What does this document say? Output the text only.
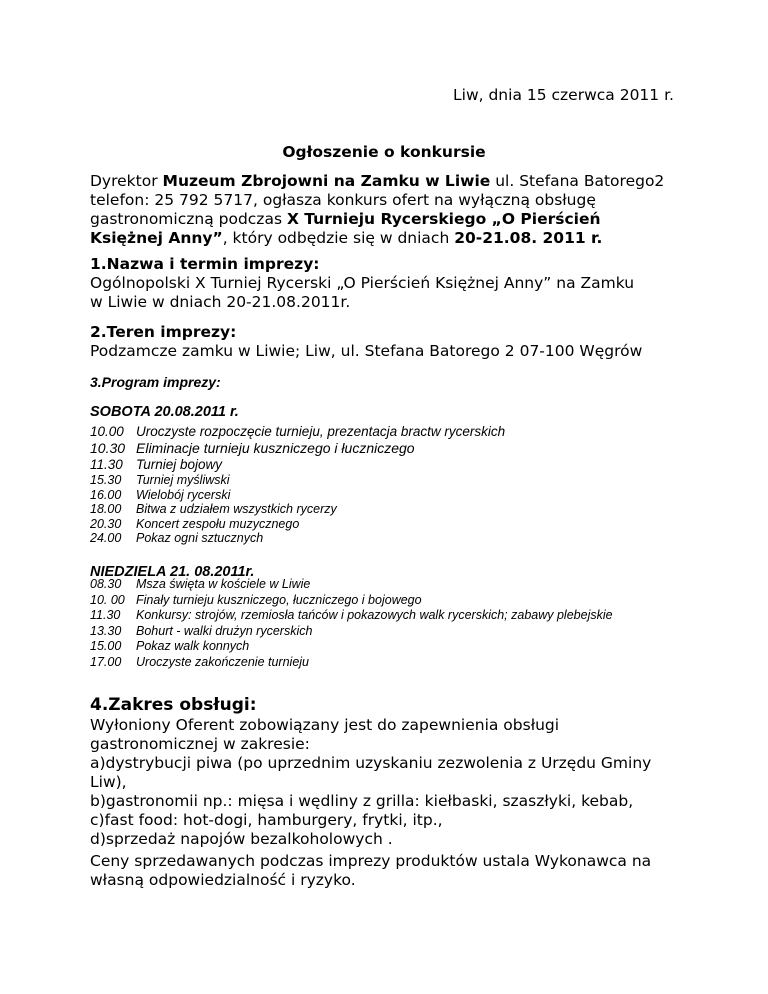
Liw, dnia 15 czerwca 2011 r.
Ogłoszenie o konkursie
Dyrektor Muzeum Zbrojowni na Zamku w Liwie ul. Stefana Batorego2
telefon: 25 792 5717, ogłasza konkurs ofert na wyłączną obsługę
gastronomiczną podczas X Turnieju Rycerskiego „O Pierścień
Księżnej Anny”, który odbędzie się w dniach 20-21.08. 2011 r.
1.Nazwa i termin imprezy:
Ogólnopolski X Turniej Rycerski „O Pierścień Księżnej Anny” na Zamku
w Liwie w dniach 20-21.08.2011r.
2.Teren imprezy:
Podzamcze zamku w Liwie; Liw, ul. Stefana Batorego 2 07-100 Węgrów
3.Program imprezy:
SOBOTA 20.08.2011 r.
10.00 Uroczyste rozpoczęcie turnieju, prezentacja bractw rycerskich
10.30 Eliminacje turnieju kuszniczego i łuczniczego
11.30 Turniej bojowy
15.30	Turniej myśliwski
16.00	Wielobój rycerski
18.00	Bitwa z udziałem wszystkich rycerzy
20.30	Koncert zespołu muzycznego
24.00	Pokaz ogni sztucznych
NIEDZIELA 21. 08.2011r.
08.30	Msza święta w kościele w Liwie
10. 00 Finały turnieju kuszniczego, łuczniczego i bojowego
11.30	Konkursy: strojów, rzemiosła tańców i pokazowych walk rycerskich; zabawy plebejskie
13.30	Bohurt - walki drużyn rycerskich
15.00	Pokaz walk konnych
17.00	Uroczyste zakończenie turnieju
4.Zakres obsługi:
Wyłoniony Oferent zobowiązany jest do zapewnienia obsługi
gastronomicznej w zakresie:
a)dystrybucji piwa (po uprzednim uzyskaniu zezwolenia z Urzędu Gminy
Liw),
b)gastronomii np.: mięsa i wędliny z grilla: kiełbaski, szaszłyki, kebab,
c)fast food: hot-dogi, hamburgery, frytki, itp.,
d)sprzedaż napojów bezalkoholowych .
Ceny sprzedawanych podczas imprezy produktów ustala Wykonawca na
własną odpowiedzialność i ryzyko.
